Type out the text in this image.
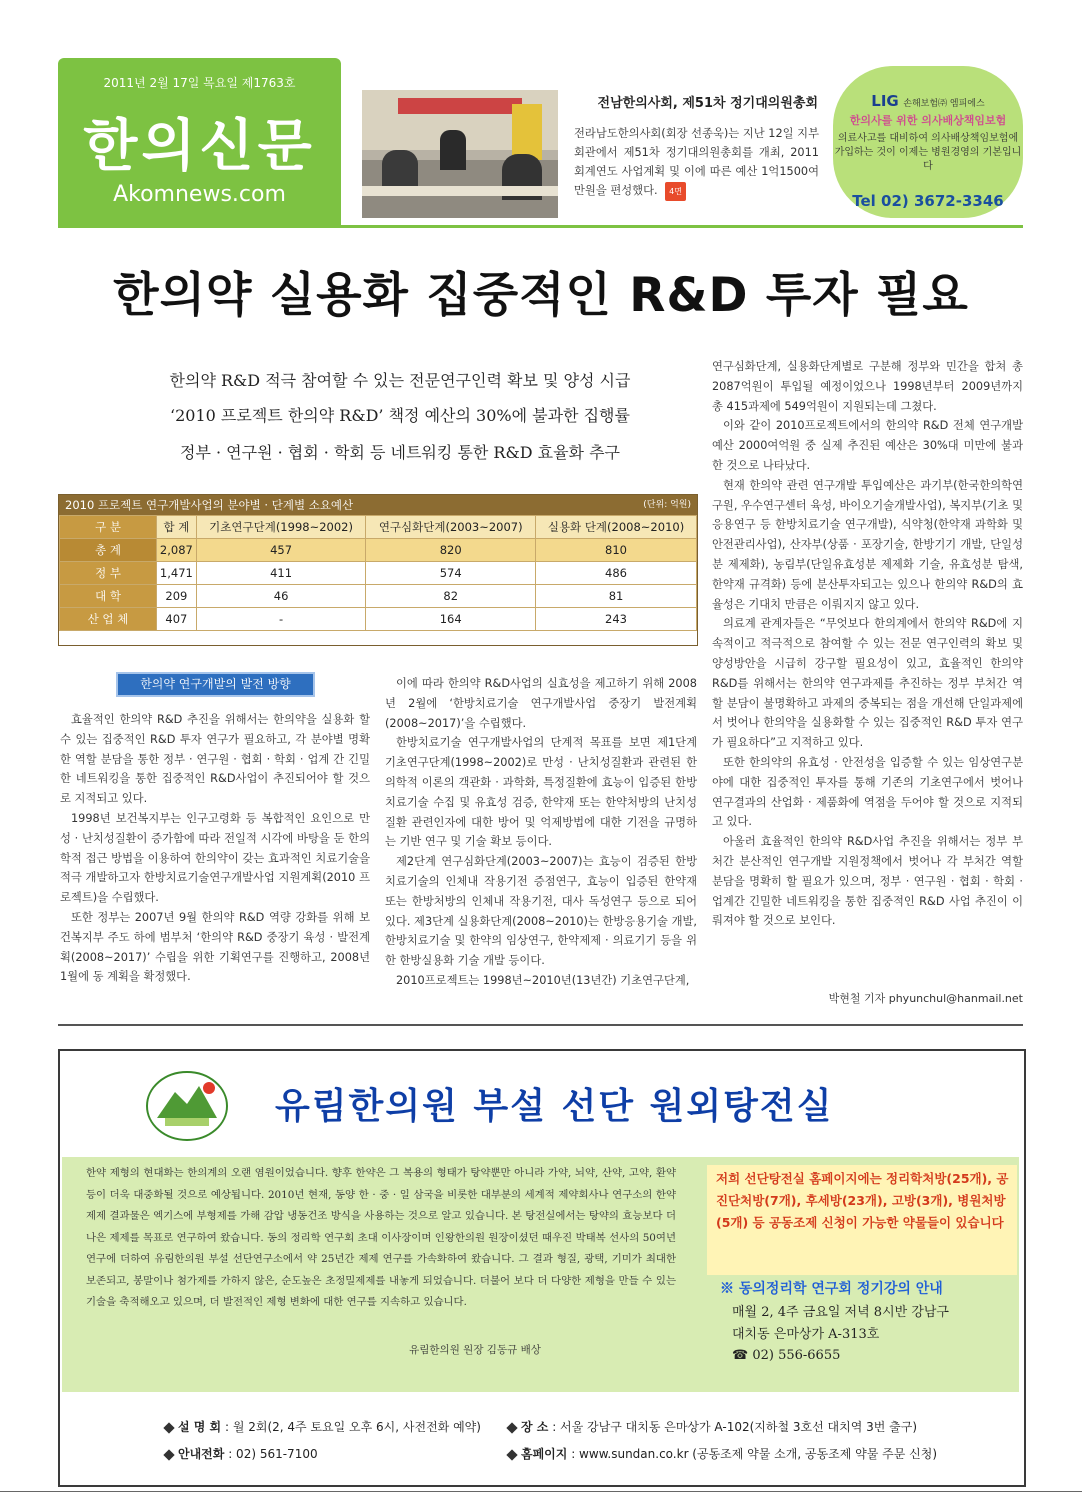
2011년 2월 17일 목요일 제1763호
한의신문
Akomnews.com
전남한의사회, 제51차 정기대의원총회
전라남도한의사회(회장 선종욱)는 지난 12일 지부회관에서 제51차 정기대의원총회를 개최, 2011회계연도 사업계획 및 이에 따른 예산 1억1500여만원을 편성했다. 4면
LIG 손해보험㈜ 엠피에스
한의사를 위한 의사배상책임보험
의료사고를 대비하여 의사배상책임보험에 가입하는 것이 이제는 병원경영의 기본입니다
Tel 02) 3672-3346
한의약 실용화 집중적인 R&D 투자 필요
한의약 R&D 적극 참여할 수 있는 전문연구인력 확보 및 양성 시급
‘2010 프로젝트 한의약 R&D’ 책정 예산의 30%에 불과한 집행률
정부 · 연구원 · 협회 · 학회 등 네트워킹 통한 R&D 효율화 추구
2010 프로젝트 연구개발사업의 분야별 · 단계별 소요예산	(단위: 억원)
구 분	합 계	기초연구단계(1998~2002)	연구심화단계(2003~2007)	실용화 단계(2008~2010)
총 계	2,087	457	820	810
정 부	1,471	411	574	486
대 학	209	46	82	81
산 업 체	407	-	164	243
한의약 연구개발의 발전 방향

효율적인 한의약 R&D 추진을 위해서는 한의약을 실용화 할 수 있는 집중적인 R&D 투자 연구가 필요하고, 각 분야별 명확한 역할 분담을 통한 정부 · 연구원 · 협회 · 학회 · 업계 간 긴밀한 네트워킹을 통한 집중적인 R&D사업이 추진되어야 할 것으로 지적되고 있다.

1998년 보건복지부는 인구고령화 등 복합적인 요인으로 만성 · 난치성질환이 증가함에 따라 전일적 시각에 바탕을 둔 한의학적 접근 방법을 이용하여 한의약이 갖는 효과적인 치료기술을 적극 개발하고자 한방치료기술연구개발사업 지원계획(2010 프로젝트)을 수립했다.

또한 정부는 2007년 9월 한의약 R&D 역량 강화를 위해 보건복지부 주도 하에 범부처 ‘한의약 R&D 중장기 육성 · 발전계획(2008~2017)’ 수립을 위한 기획연구를 진행하고, 2008년 1월에 동 계획을 확정했다.

이에 따라 한의약 R&D사업의 실효성을 제고하기 위해 2008년 2월에 ‘한방치료기술 연구개발사업 중장기 발전계획(2008~2017)’을 수립했다.

한방치료기술 연구개발사업의 단계적 목표를 보면 제1단계 기초연구단계(1998~2002)로 만성 · 난치성질환과 관련된 한의학적 이론의 객관화 · 과학화, 특정질환에 효능이 입증된 한방치료기술 수집 및 유효성 검증, 한약재 또는 한약처방의 난치성질환 관련인자에 대한 방어 및 억제방법에 대한 기전을 규명하는 기반 연구 및 기술 확보 등이다.

제2단계 연구심화단계(2003~2007)는 효능이 검증된 한방치료기술의 인체내 작용기전 증점연구, 효능이 입증된 한약재 또는 한방처방의 인체내 작용기전, 대사 독성연구 등으로 되어 있다. 제3단계 실용화단계(2008~2010)는 한방응용기술 개발, 한방치료기술 및 한약의 임상연구, 한약제제 · 의료기기 등을 위한 한방실용화 기술 개발 등이다.

2010프로젝트는 1998년~2010년(13년간) 기초연구단계,

연구심화단계, 실용화단계별로 구분해 정부와 민간을 합쳐 총 2087억원이 투입될 예정이었으나 1998년부터 2009년까지 총 415과제에 549억원이 지원되는데 그쳤다.

이와 같이 2010프로젝트에서의 한의약 R&D 전체 연구개발예산 2000여억원 중 실제 추진된 예산은 30%대 미만에 불과한 것으로 나타났다.

현재 한의약 관련 연구개발 투입예산은 과기부(한국한의학연구원, 우수연구센터 육성, 바이오기술개발사업), 복지부(기초 및 응용연구 등 한방치료기술 연구개발), 식약청(한약재 과학화 및 안전관리사업), 산자부(상품 · 포장기술, 한방기기 개발, 단일성분 제제화), 농림부(단일유효성분 제제화 기술, 유효성분 탐색, 한약재 규격화) 등에 분산투자되고는 있으나 한의약 R&D의 효율성은 기대치 만큼은 이뤄지지 않고 있다.

의료계 관계자들은 “무엇보다 한의계에서 한의약 R&D에 지속적이고 적극적으로 참여할 수 있는 전문 연구인력의 확보 및 양성방안을 시급히 강구할 필요성이 있고, 효율적인 한의약 R&D를 위해서는 한의약 연구과제를 추진하는 정부 부처간 역할 분담이 불명확하고 과제의 중복되는 점을 개선해 단일과제에서 벗어나 한의약을 실용화할 수 있는 집중적인 R&D 투자 연구가 필요하다”고 지적하고 있다.

또한 한의약의 유효성 · 안전성을 입증할 수 있는 임상연구분야에 대한 집중적인 투자를 통해 기존의 기초연구에서 벗어나 연구결과의 산업화 · 제품화에 역점을 두어야 할 것으로 지적되고 있다.

아울러 효율적인 한의약 R&D사업 추진을 위해서는 정부 부처간 분산적인 연구개발 지원정책에서 벗어나 각 부처간 역할 분담을 명확히 할 필요가 있으며, 정부 · 연구원 · 협회 · 학회 · 업계간 긴밀한 네트워킹을 통한 집중적인 R&D 사업 추진이 이뤄져야 할 것으로 보인다.

박현철 기자 phyunchul@hanmail.net
유림한의원 부설 선단 원외탕전실
한약 제형의 현대화는 한의계의 오랜 염원이었습니다. 향후 한약은 그 복용의 형태가 탕약뿐만 아니라 가약, 뇌약, 산약, 고약, 환약 등이 더욱 대중화될 것으로 예상됩니다. 2010년 현재, 동양 한 · 중 · 일 삼국을 비롯한 대부분의 세계적 제약회사나 연구소의 한약제제 결과물은 엑기스에 부형제를 가해 감압 냉동건조 방식을 사용하는 것으로 알고 있습니다. 본 탕전실에서는 탕약의 효능보다 더 나은 제제를 목표로 연구하여 왔습니다. 동의 정리학 연구회 초대 이사장이며 인왕한의원 원장이셨던 때우진 박태복 선사의 50여년 연구에 더하여 유림한의원 부설 선단연구소에서 약 25년간 제제 연구를 가속화하여 왔습니다. 그 결과 형질, 광택, 기미가 최대한 보존되고, 봉말이나 첨가제를 가하지 않은, 순도높은 초정밀제제를 내놓게 되었습니다. 더불어 보다 더 다양한 제형을 만들 수 있는 기술을 축적해오고 있으며, 더 발전적인 제형 변화에 대한 연구를 지속하고 있습니다.
유림한의원 원장 김동규 배상
저희 선단탕전실 홈페이지에는 정리학처방(25개), 공진단처방(7개), 후세방(23개), 고방(3개), 병원처방(5개) 등 공동조제 신청이 가능한 약물들이 있습니다
※ 동의정리학 연구회 정기강의 안내
매월 2, 4주 금요일 저녁 8시반 강남구
대치동 은마상가 A-313호
☎ 02) 556-6655
설 명 회 : 월 2회(2, 4주 토요일 오후 6시, 사전전화 예약)
안내전화 : 02) 561-7100
장 소 : 서울 강남구 대치동 은마상가 A-102(지하철 3호선 대치역 3번 출구)
홈페이지 : www.sundan.co.kr (공동조제 약물 소개, 공동조제 약물 주문 신청)
